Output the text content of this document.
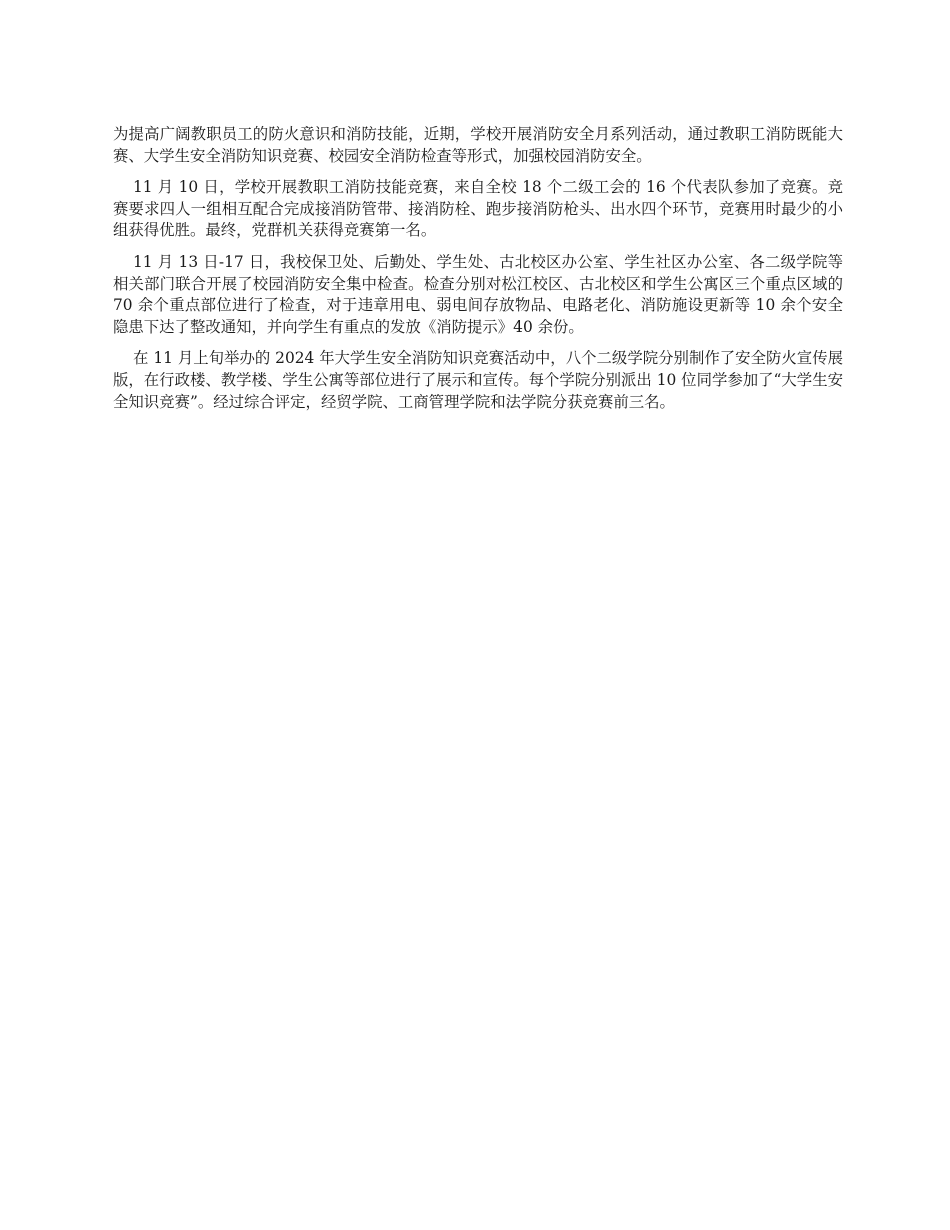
为提高广阔教职员工的防火意识和消防技能，近期，学校开展消防安全月系列活动，通过教职工消防既能大赛、大学生安全消防知识竞赛、校园安全消防检查等形式，加强校园消防安全。

11 月 10 日，学校开展教职工消防技能竞赛，来自全校 18 个二级工会的 16 个代表队参加了竞赛。竞赛要求四人一组相互配合完成接消防管带、接消防栓、跑步接消防枪头、出水四个环节，竞赛用时最少的小组获得优胜。最终，党群机关获得竞赛第一名。

11 月 13 日-17 日，我校保卫处、后勤处、学生处、古北校区办公室、学生社区办公室、各二级学院等相关部门联合开展了校园消防安全集中检查。检查分别对松江校区、古北校区和学生公寓区三个重点区域的 70 余个重点部位进行了检查，对于违章用电、弱电间存放物品、电路老化、消防施设更新等 10 余个安全隐患下达了整改通知，并向学生有重点的发放《消防提示》40 余份。

在 11 月上旬举办的 2024 年大学生安全消防知识竞赛活动中，八个二级学院分别制作了安全防火宣传展版，在行政楼、教学楼、学生公寓等部位进行了展示和宣传。每个学院分别派出 10 位同学参加了“大学生安全知识竞赛”。经过综合评定，经贸学院、工商管理学院和法学院分获竞赛前三名。
